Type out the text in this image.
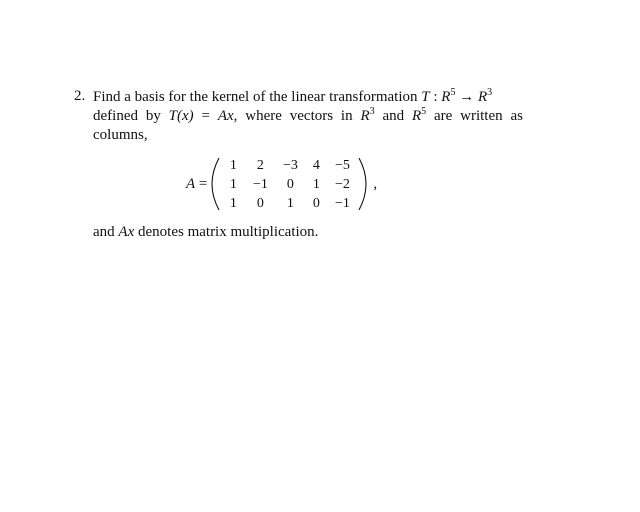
2. Find a basis for the kernel of the linear transformation T : $R^5 \to R^3$
defined by T(x) = Ax, where vectors in $R^3$ and $R^5$ are written as
columns,
A =
1	2	−3	4	−5
1	−1	0	1	−2
1	0	1	0	−1
,
and Ax denotes matrix multiplication.
